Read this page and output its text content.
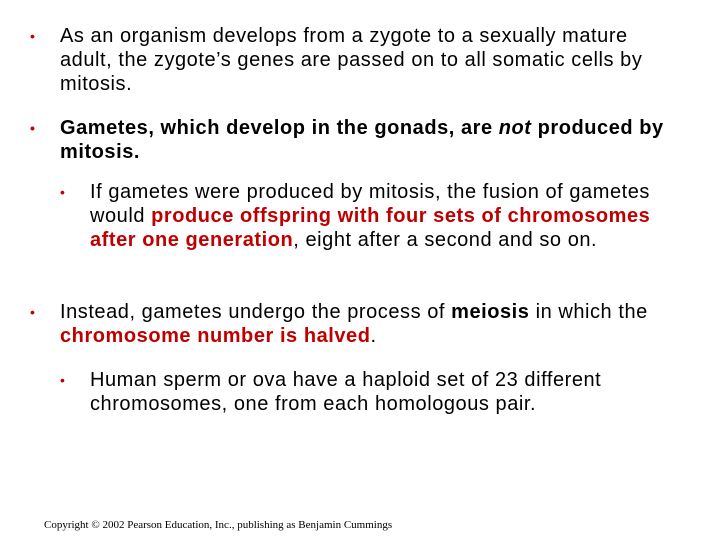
•	As an organism develops from a zygote to a sexually mature adult, the zygote’s genes are passed on to all somatic cells by mitosis.
•	Gametes, which develop in the gonads, are not produced by mitosis.
•	If gametes were produced by mitosis, the fusion of gametes would produce offspring with four sets of chromosomes after one generation, eight after a second and so on.
•	Instead, gametes undergo the process of meiosis in which the chromosome number is halved.
•	Human sperm or ova have a haploid set of 23 different chromosomes, one from each homologous pair.
Copyright © 2002 Pearson Education, Inc., publishing as Benjamin Cummings
